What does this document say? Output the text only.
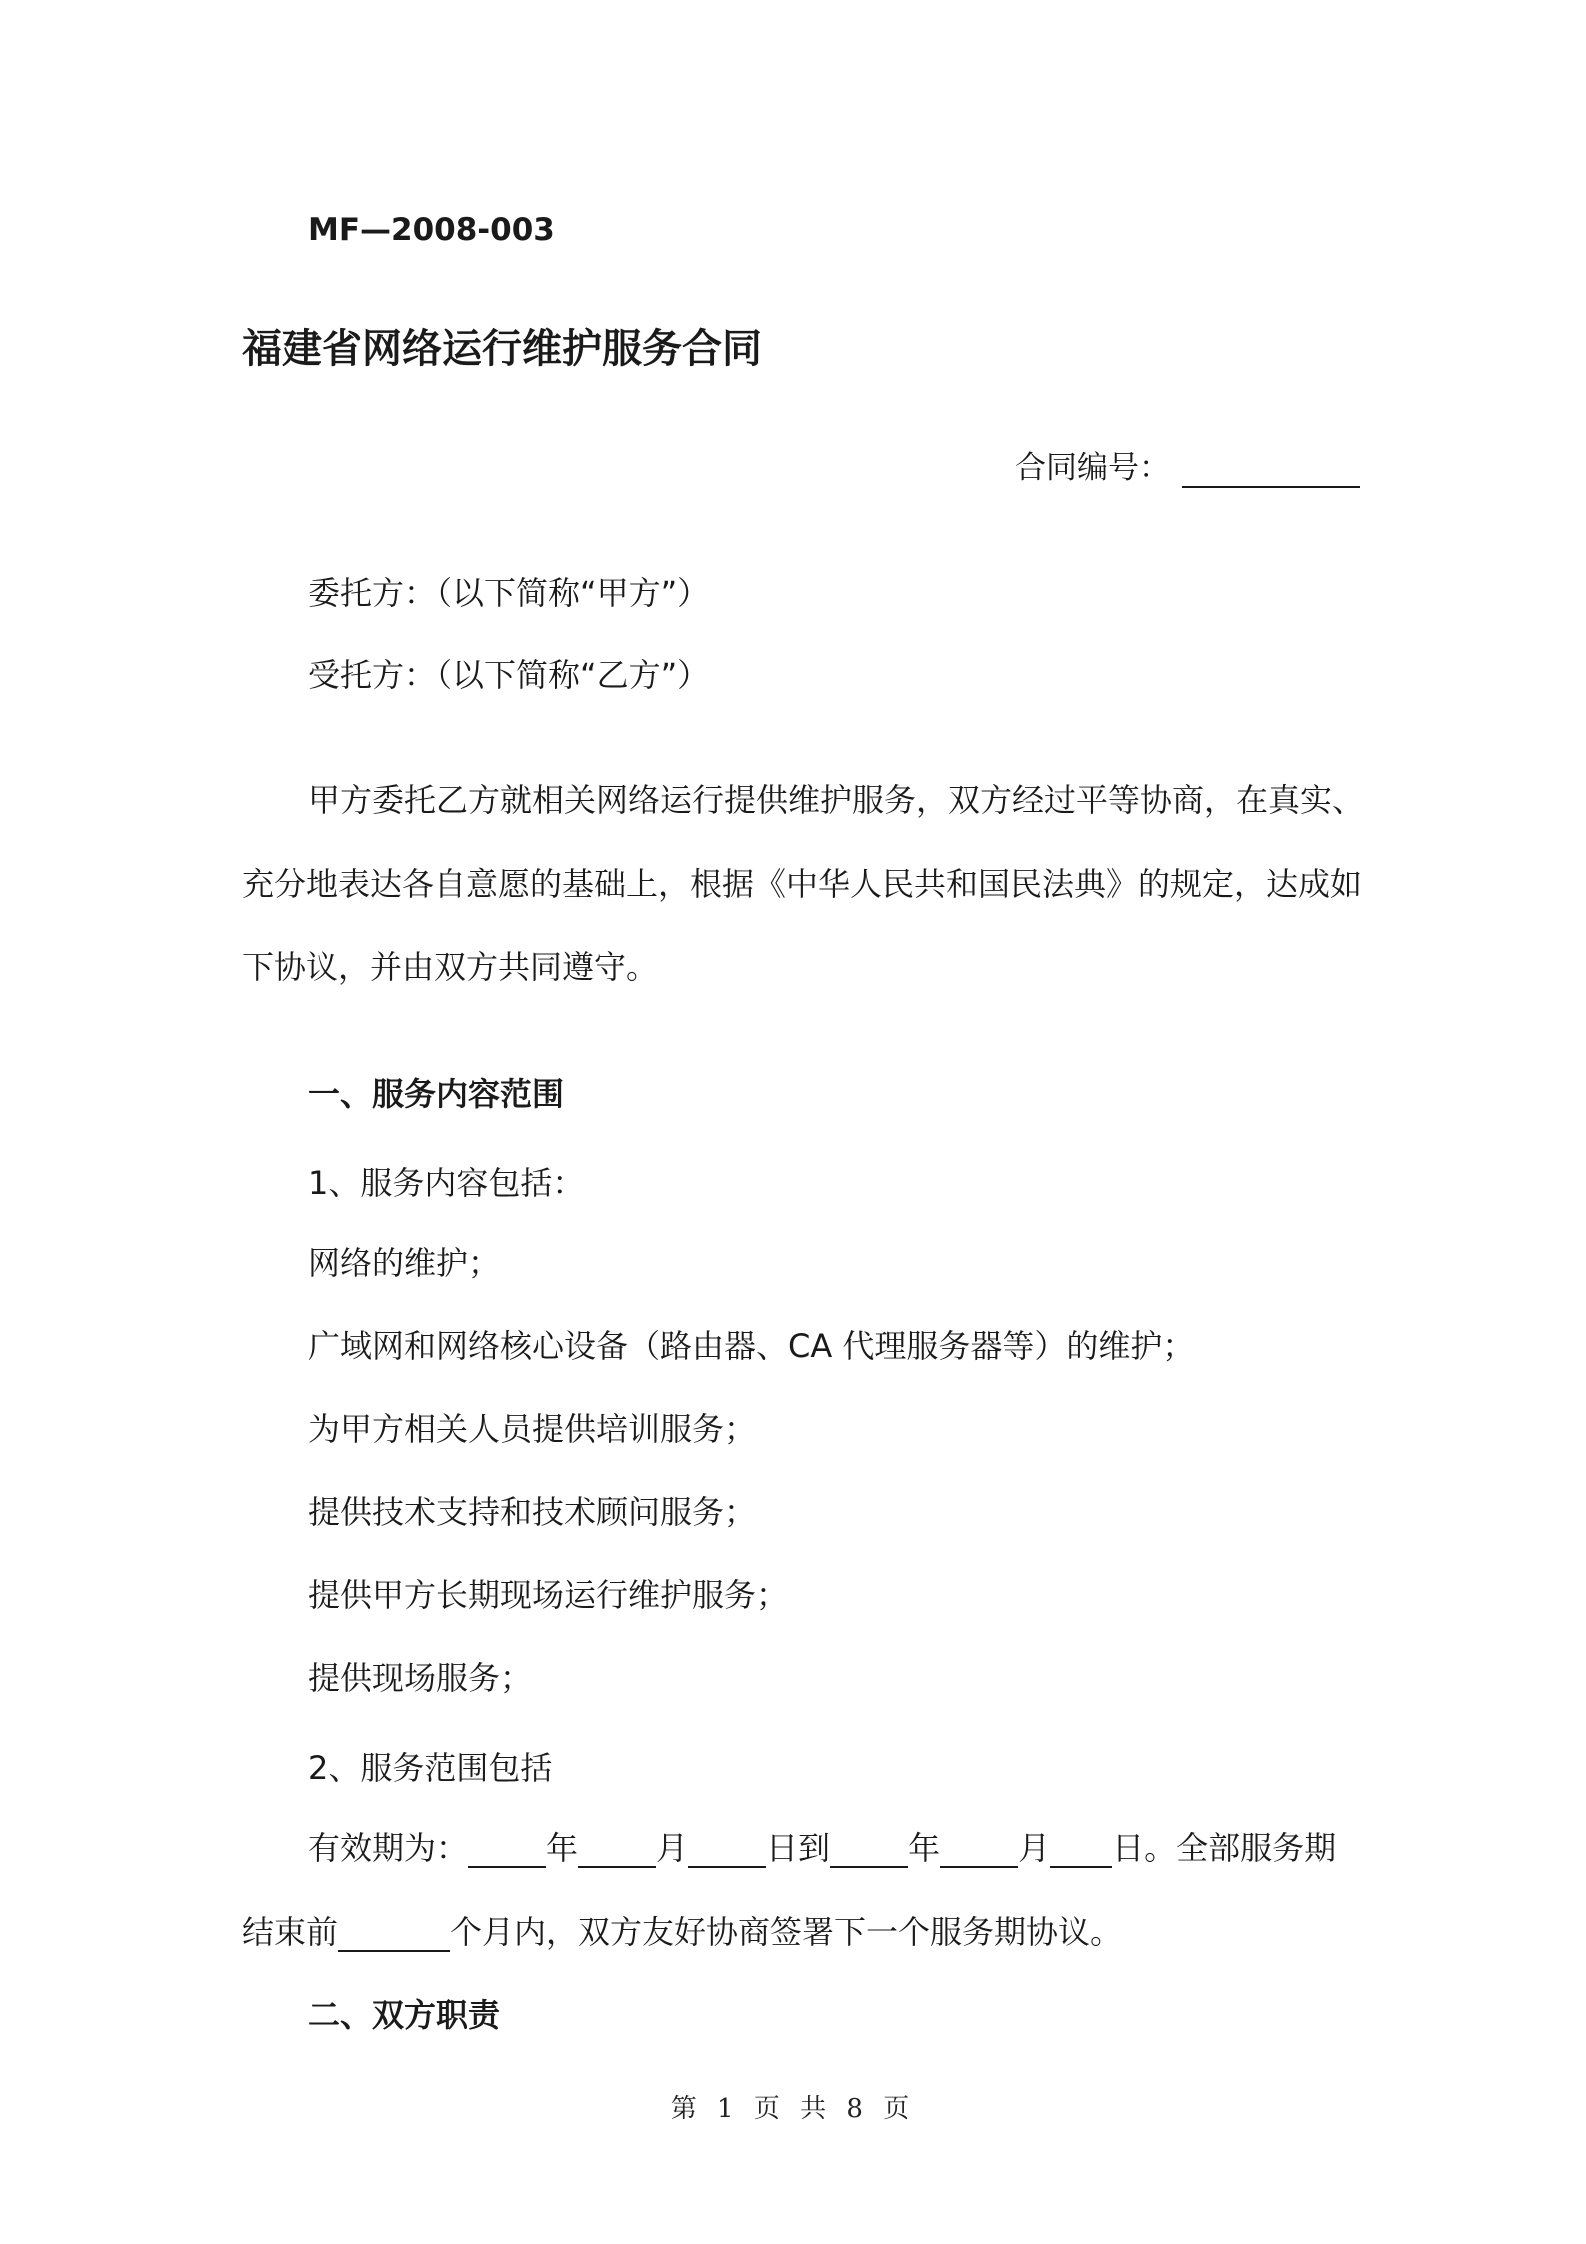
MF—2008-003
福建省网络运行维护服务合同
合同编号：
委托方：（以下简称“甲方”）
受托方：（以下简称“乙方”）
甲方委托乙方就相关网络运行提供维护服务，双方经过平等协商，在真实、
充分地表达各自意愿的基础上，根据《中华人民共和国民法典》的规定，达成如
下协议，并由双方共同遵守。
一、服务内容范围
1、服务内容包括：
网络的维护；
广域网和网络核心设备（路由器、CA 代理服务器等）的维护；
为甲方相关人员提供培训服务；
提供技术支持和技术顾问服务；
提供甲方长期现场运行维护服务；
提供现场服务；
2、服务范围包括
有效期为： 年 月 日到 年 月 日。全部服务期
结束前	个月内，双方友好协商签署下一个服务期协议。
二、双方职责
第 1 页 共 8 页
